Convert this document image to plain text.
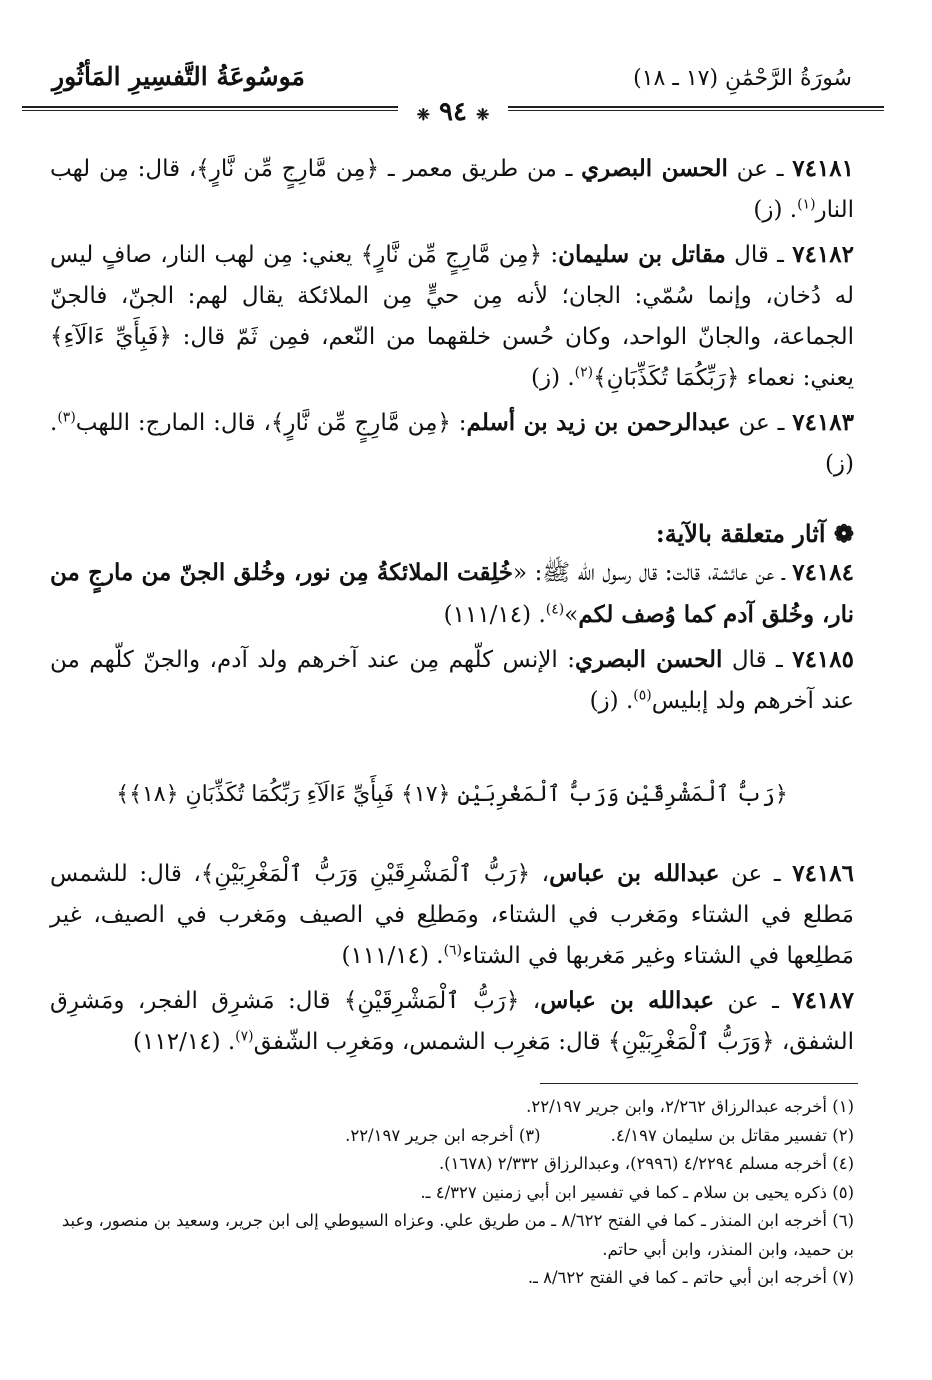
سُورَةُ الرَّحْمَٰنِ (١٧ ـ ١٨)
مَوسُوعَةُ التَّفسِيرِ المَأثُورِ
❈ ٩٤ ❈

٧٤١٨١ ـ عن الحسن البصري ـ من طريق معمر ـ ﴿مِن مَّارِجٍ مِّن نَّارٍ﴾، قال: مِن لهب النار$^{(١)}$. (ز)

٧٤١٨٢ ـ قال مقاتل بن سليمان: ﴿مِن مَّارِجٍ مِّن نَّارٍ﴾ يعني: مِن لهب النار، صافٍ ليس له دُخان، وإنما سُمّي: الجان؛ لأنه مِن حيٍّ مِن الملائكة يقال لهم: الجنّ، فالجنّ الجماعة، والجانّ الواحد، وكان حُسن خلقهما من النّعم، فمِن ثَمّ قال: ﴿فَبِأَيِّ ءَالَآءِ﴾ يعني: نعماء ﴿رَبِّكُمَا تُكَذِّبَانِ﴾$^{(٢)}$. (ز)

٧٤١٨٣ ـ عن عبدالرحمن بن زيد بن أسلم: ﴿مِن مَّارِجٍ مِّن نَّارٍ﴾، قال: المارج: اللهب$^{(٣)}$. (ز)

❁ آثار متعلقة بالآية:

٧٤١٨٤ ـ عن عائشة، قالت: قال رسول الله ﷺ: «خُلِقت الملائكةُ مِن نور، وخُلق الجنّ من مارجٍ من نار، وخُلق آدم كما وُصف لكم»$^{(٤)}$. (١١١/١٤)

٧٤١٨٥ ـ قال الحسن البصري: الإنس كلّهم مِن عند آخرهم ولد آدم، والجنّ كلّهم من عند آخرهم ولد إبليس$^{(٥)}$. (ز)

﴿رَبُّ ٱلْمَشْرِقَيْنِ وَرَبُّ ٱلْمَغْرِبَيْنِ ﴿١٧﴾ فَبِأَيِّ ءَالَآءِ رَبِّكُمَا تُكَذِّبَانِ ﴿١٨﴾﴾

٧٤١٨٦ ـ عن عبدالله بن عباس، ﴿رَبُّ ٱلْمَشْرِقَيْنِ وَرَبُّ ٱلْمَغْرِبَيْنِ﴾، قال: للشمس مَطلع في الشتاء ومَغرب في الشتاء، ومَطلِع في الصيف ومَغرب في الصيف، غير مَطلِعها في الشتاء وغير مَغربها في الشتاء$^{(٦)}$. (١١١/١٤)

٧٤١٨٧ ـ عن عبدالله بن عباس، ﴿رَبُّ ٱلْمَشْرِقَيْنِ﴾ قال: مَشرِق الفجر، ومَشرِق الشفق، ﴿وَرَبُّ ٱلْمَغْرِبَيْنِ﴾ قال: مَغرِب الشمس، ومَغرِب الشّفق$^{(٧)}$. (١١٢/١٤)

(١) أخرجه عبدالرزاق ٢/٢٦٢، وابن جرير ٢٢/١٩٧.

(٢) تفسير مقاتل بن سليمان ٤/١٩٧.
(٣) أخرجه ابن جرير ٢٢/١٩٧.

(٤) أخرجه مسلم ٤/٢٢٩٤ (٢٩٩٦)، وعبدالرزاق ٢/٣٣٢ (١٦٧٨).

(٥) ذكره يحيى بن سلام ـ كما في تفسير ابن أبي زمنين ٤/٣٢٧ ـ.

(٦) أخرجه ابن المنذر ـ كما في الفتح ٨/٦٢٢ ـ من طريق علي. وعزاه السيوطي إلى ابن جرير، وسعيد بن منصور، وعبد بن حميد، وابن المنذر، وابن أبي حاتم.

(٧) أخرجه ابن أبي حاتم ـ كما في الفتح ٨/٦٢٢ ـ.
